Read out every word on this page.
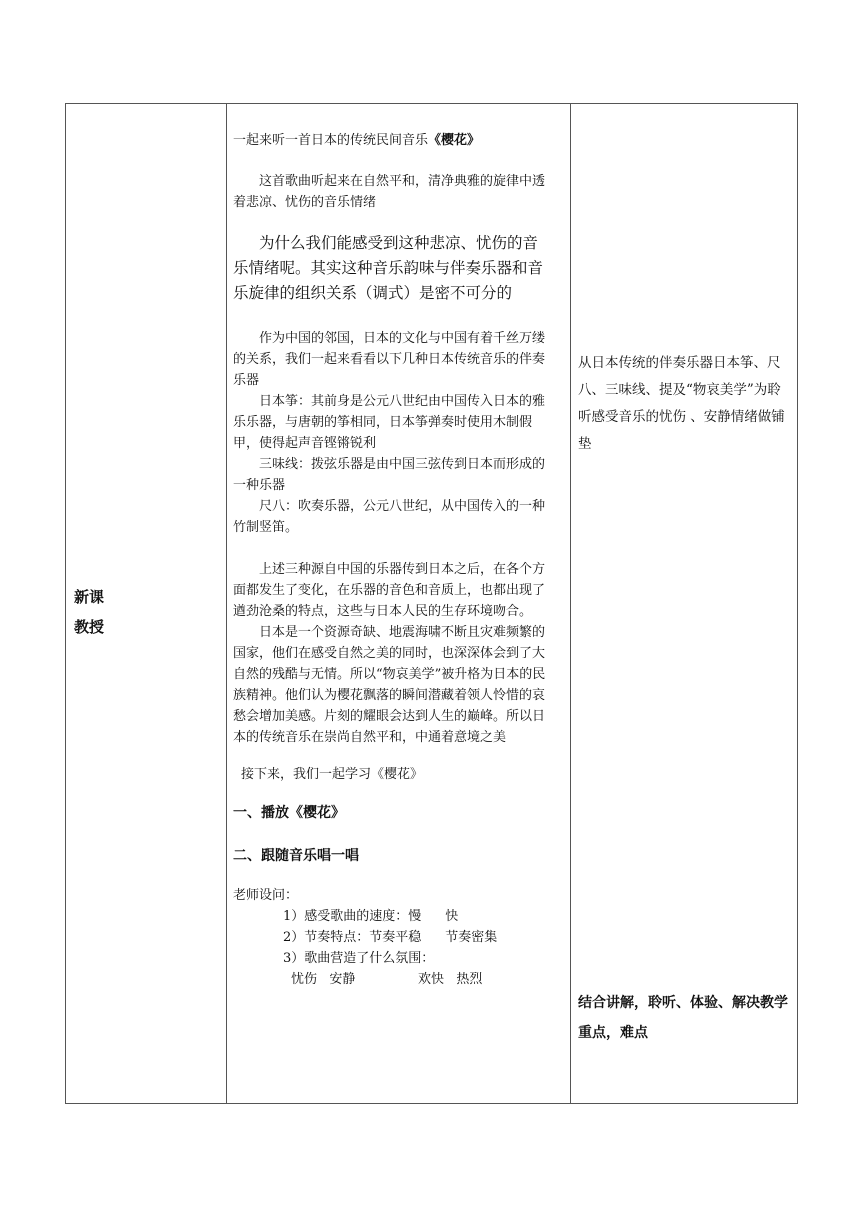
新课
教授

一起来听一首日本的传统民间音乐《樱花》

这首歌曲听起来在自然平和，清净典雅的旋律中透着悲凉、忧伤的音乐情绪

为什么我们能感受到这种悲凉、忧伤的音乐情绪呢。其实这种音乐韵味与伴奏乐器和音乐旋律的组织关系（调式）是密不可分的

作为中国的邻国，日本的文化与中国有着千丝万缕的关系，我们一起来看看以下几种日本传统音乐的伴奏乐器

日本筝：其前身是公元八世纪由中国传入日本的雅乐乐器，与唐朝的筝相同，日本筝弹奏时使用木制假甲，使得起声音铿锵锐利

三味线：拨弦乐器是由中国三弦传到日本而形成的一种乐器

尺八：吹奏乐器，公元八世纪，从中国传入的一种竹制竖笛。

上述三种源自中国的乐器传到日本之后，在各个方面都发生了变化，在乐器的音色和音质上，也都出现了遒劲沧桑的特点，这些与日本人民的生存环境吻合。

日本是一个资源奇缺、地震海啸不断且灾难频繁的国家，他们在感受自然之美的同时，也深深体会到了大自然的残酷与无情。所以“物哀美学”被升格为日本的民族精神。他们认为樱花飘落的瞬间潜藏着领人怜惜的哀愁会增加美感。片刻的耀眼会达到人生的巅峰。所以日本的传统音乐在崇尚自然平和，中通着意境之美

接下来，我们一起学习《樱花》

一、播放《樱花》

二、跟随音乐唱一唱

老师设问：

1）感受歌曲的速度：慢 快

2）节奏特点：节奏平稳 节奏密集

3）歌曲营造了什么氛围：

忧伤 安静	欢快 热烈

从日本传统的伴奏乐器日本筝、尺八、三味线、提及“物哀美学”为聆听感受音乐的忧伤 、安静情绪做铺垫
结合讲解，聆听、体验、解决教学重点，难点
